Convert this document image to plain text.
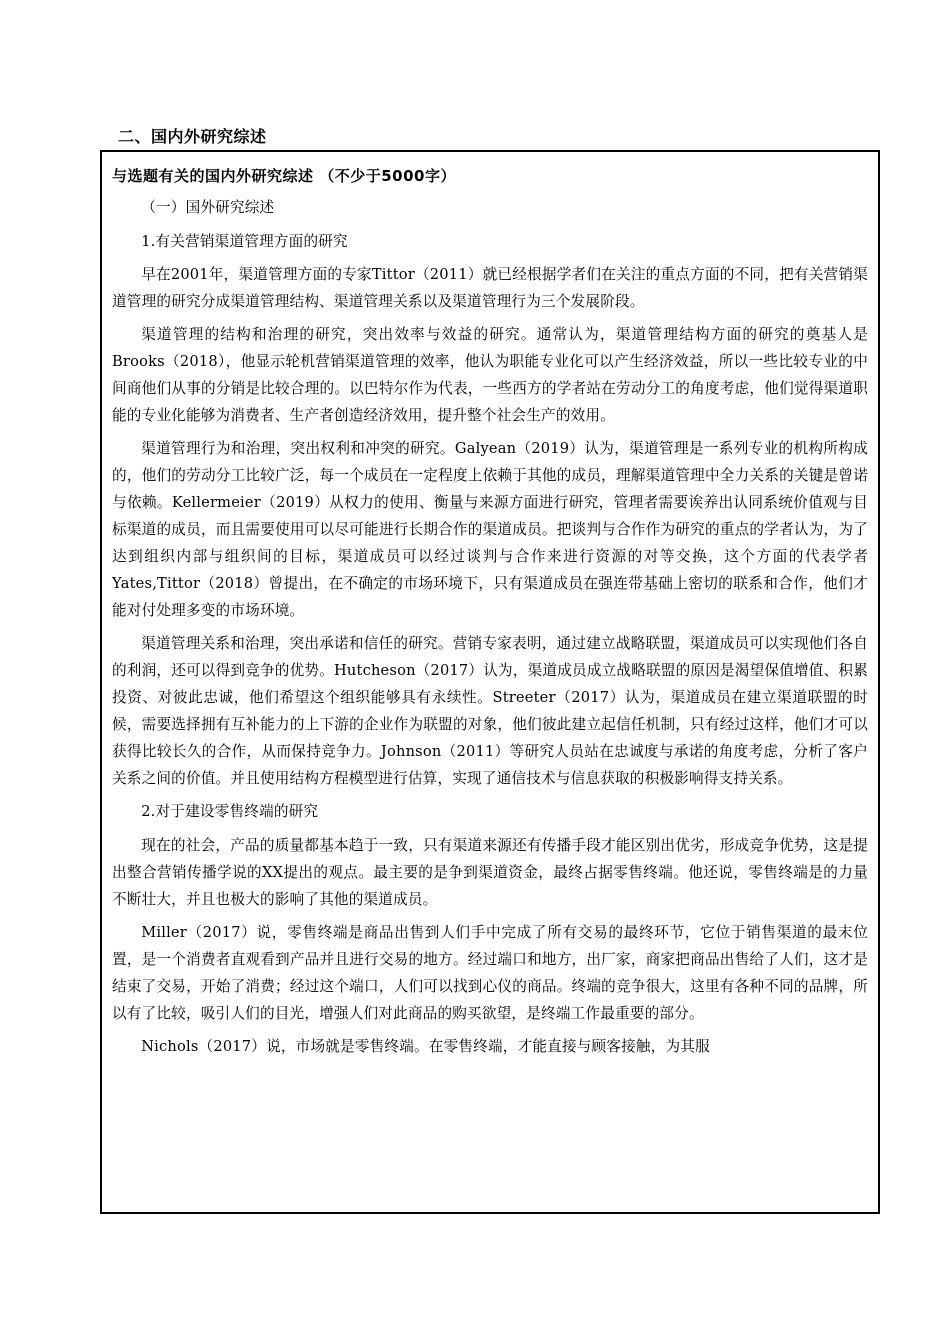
二、国内外研究综述
与选题有关的国内外研究综述 （不少于5000字）

（一）国外研究综述

1.有关营销渠道管理方面的研究

早在2001年，渠道管理方面的专家Tittor（2011）就已经根据学者们在关注的重点方面的不同，把有关营销渠道管理的研究分成渠道管理结构、渠道管理关系以及渠道管理行为三个发展阶段。

渠道管理的结构和治理的研究，突出效率与效益的研究。通常认为，渠道管理结构方面的研究的奠基人是Brooks（2018），他显示轮机营销渠道管理的效率，他认为职能专业化可以产生经济效益，所以一些比较专业的中间商他们从事的分销是比较合理的。以巴特尔作为代表，一些西方的学者站在劳动分工的角度考虑，他们觉得渠道职能的专业化能够为消费者、生产者创造经济效用，提升整个社会生产的效用。

渠道管理行为和治理，突出权利和冲突的研究。Galyean（2019）认为，渠道管理是一系列专业的机构所构成的，他们的劳动分工比较广泛，每一个成员在一定程度上依赖于其他的成员，理解渠道管理中全力关系的关键是曾诺与依赖。Kellermeier（2019）从权力的使用、衡量与来源方面进行研究，管理者需要诶养出认同系统价值观与目标渠道的成员，而且需要使用可以尽可能进行长期合作的渠道成员。把谈判与合作作为研究的重点的学者认为，为了达到组织内部与组织间的目标，渠道成员可以经过谈判与合作来进行资源的对等交换，这个方面的代表学者Yates,Tittor（2018）曾提出，在不确定的市场环境下，只有渠道成员在强连带基础上密切的联系和合作，他们才能对付处理多变的市场环境。

渠道管理关系和治理，突出承诺和信任的研究。营销专家表明，通过建立战略联盟，渠道成员可以实现他们各自的利润，还可以得到竞争的优势。Hutcheson（2017）认为，渠道成员成立战略联盟的原因是渴望保值增值、积累投资、对彼此忠诚，他们希望这个组织能够具有永续性。Streeter（2017）认为，渠道成员在建立渠道联盟的时候，需要选择拥有互补能力的上下游的企业作为联盟的对象，他们彼此建立起信任机制，只有经过这样，他们才可以获得比较长久的合作，从而保持竞争力。Johnson（2011）等研究人员站在忠诚度与承诺的角度考虑，分析了客户关系之间的价值。并且使用结构方程模型进行估算，实现了通信技术与信息获取的积极影响得支持关系。

2.对于建设零售终端的研究

现在的社会，产品的质量都基本趋于一致，只有渠道来源还有传播手段才能区别出优劣，形成竞争优势，这是提出整合营销传播学说的XX提出的观点。最主要的是争到渠道资金，最终占据零售终端。他还说，零售终端是的力量不断壮大，并且也极大的影响了其他的渠道成员。

Miller（2017）说，零售终端是商品出售到人们手中完成了所有交易的最终环节，它位于销售渠道的最末位置，是一个消费者直观看到产品并且进行交易的地方。经过端口和地方，出厂家，商家把商品出售给了人们，这才是结束了交易，开始了消费；经过这个端口，人们可以找到心仪的商品。终端的竞争很大，这里有各种不同的品牌，所以有了比较，吸引人们的目光，增强人们对此商品的购买欲望，是终端工作最重要的部分。

Nichols（2017）说，市场就是零售终端。在零售终端，才能直接与顾客接触，为其服
